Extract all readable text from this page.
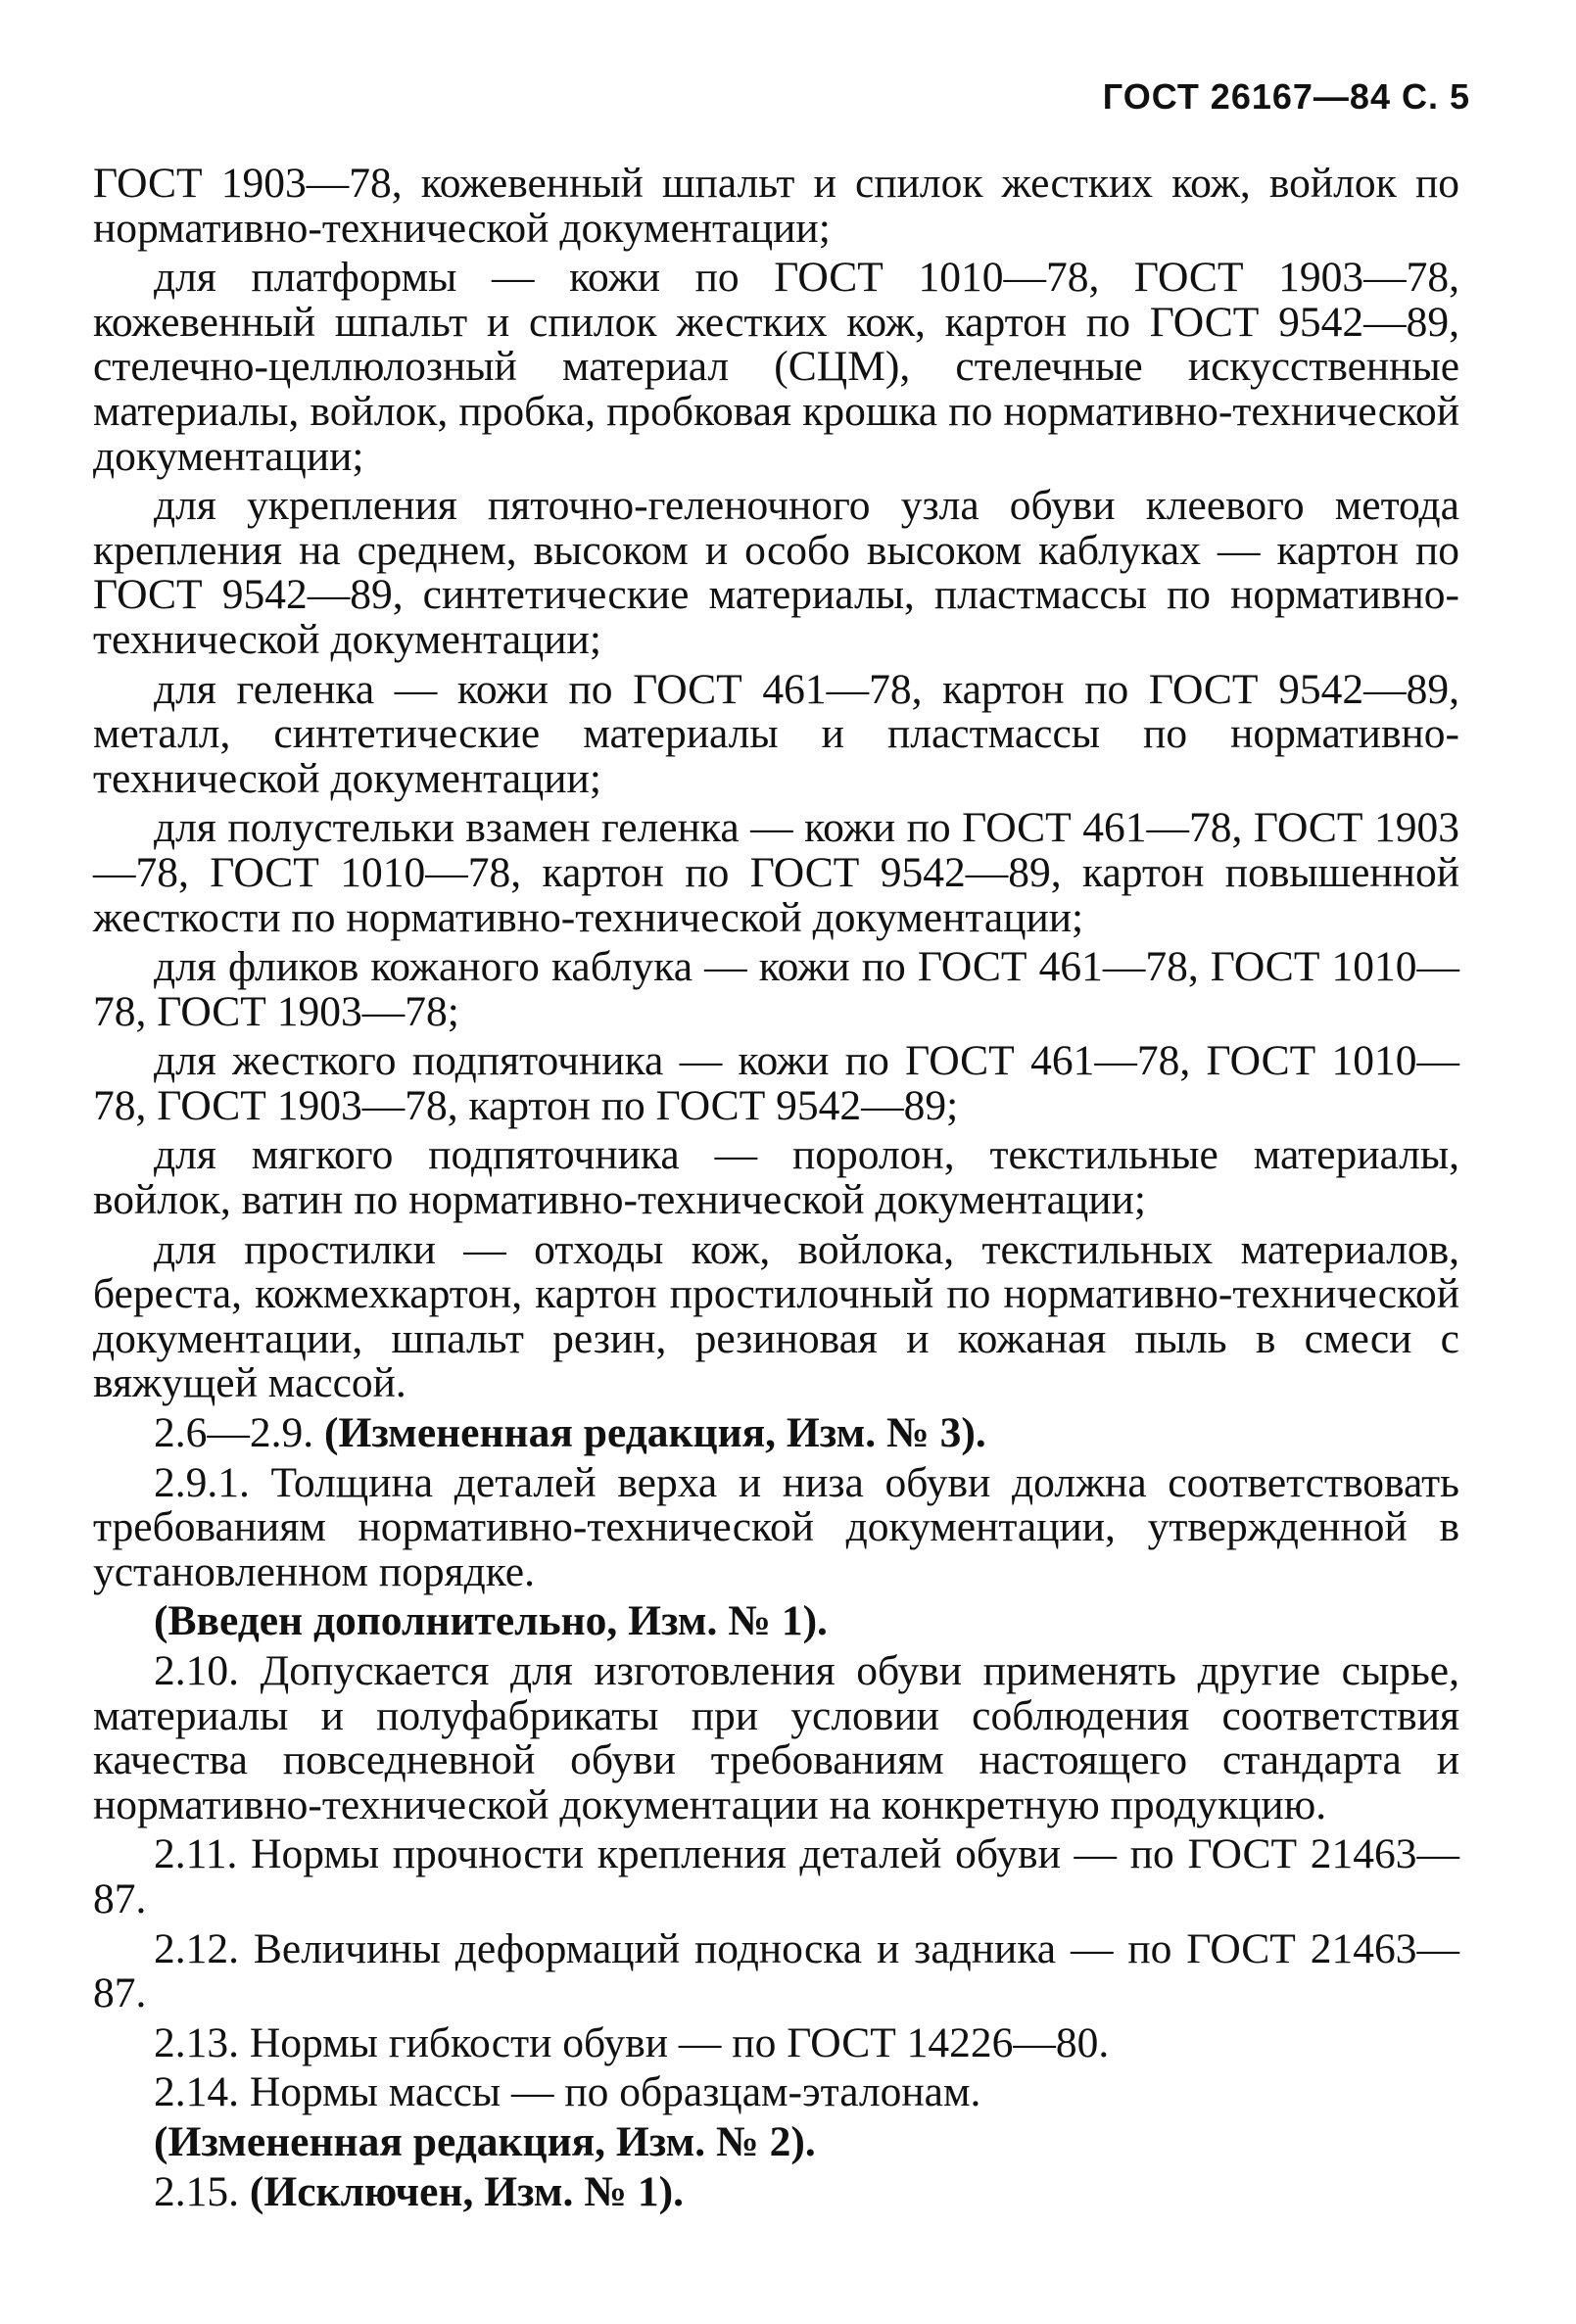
ГОСТ 26167—84 С. 5

ГОСТ 1903—78, кожевенный шпальт и спилок жестких кож, войлок по нормативно-технической документации;

для платформы — кожи по ГОСТ 1010—78, ГОСТ 1903—78, кожевенный шпальт и спилок жестких кож, картон по ГОСТ 9542—89, стелечно-целлюлозный материал (СЦМ), стелечные искусственные материалы, войлок, пробка, пробковая крошка по нормативно-технической документации;

для укрепления пяточно-геленочного узла обуви клеевого метода крепления на среднем, высоком и особо высоком каблуках — картон по ГОСТ 9542—89, синтетические материалы, пластмассы по нормативно-технической документации;

для геленка — кожи по ГОСТ 461—78, картон по ГОСТ 9542—89, металл, синтетические материалы и пластмассы по нормативно-технической документации;

для полустельки взамен геленка — кожи по ГОСТ 461—78, ГОСТ 1903—78, ГОСТ 1010—78, картон по ГОСТ 9542—89, картон повышенной жесткости по нормативно-технической документации;

для фликов кожаного каблука — кожи по ГОСТ 461—78, ГОСТ 1010—78, ГОСТ 1903—78;

для жесткого подпяточника — кожи по ГОСТ 461—78, ГОСТ 1010—78, ГОСТ 1903—78, картон по ГОСТ 9542—89;

для мягкого подпяточника — поролон, текстильные материалы, войлок, ватин по нормативно-технической документации;

для простилки — отходы кож, войлока, текстильных материалов, береста, кожмехкартон, картон простилочный по нормативно-технической документации, шпальт резин, резиновая и кожаная пыль в смеси с вяжущей массой.

2.6—2.9. (Измененная редакция, Изм. № 3).

2.9.1. Толщина деталей верха и низа обуви должна соответствовать требованиям нормативно-технической документации, утвержденной в установленном порядке.

(Введен дополнительно, Изм. № 1).

2.10. Допускается для изготовления обуви применять другие сырье, материалы и полуфабрикаты при условии соблюдения соответствия качества повседневной обуви требованиям настоящего стандарта и нормативно-технической документации на конкретную продукцию.

2.11. Нормы прочности крепления деталей обуви — по ГОСТ 21463—87.

2.12. Величины деформаций подноска и задника — по ГОСТ 21463—87.

2.13. Нормы гибкости обуви — по ГОСТ 14226—80.

2.14. Нормы массы — по образцам-эталонам.

(Измененная редакция, Изм. № 2).

2.15. (Исключен, Изм. № 1).
